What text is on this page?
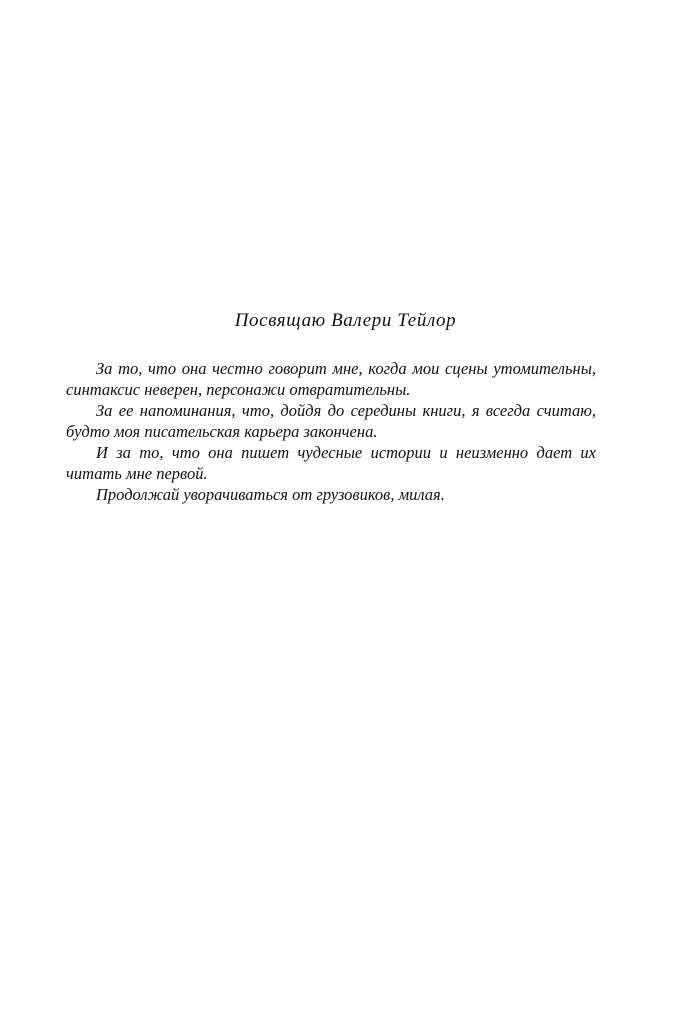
Посвящаю Валери Тейлор

За то, что она честно говорит мне, когда мои сцены утомительны, синтаксис неверен, персонажи отвратительны.

За ее напоминания, что, дойдя до середины книги, я всегда считаю, будто моя писательская карьера закончена.

И за то, что она пишет чудесные истории и неизменно дает их читать мне первой.

Продолжай уворачиваться от грузовиков, милая.
